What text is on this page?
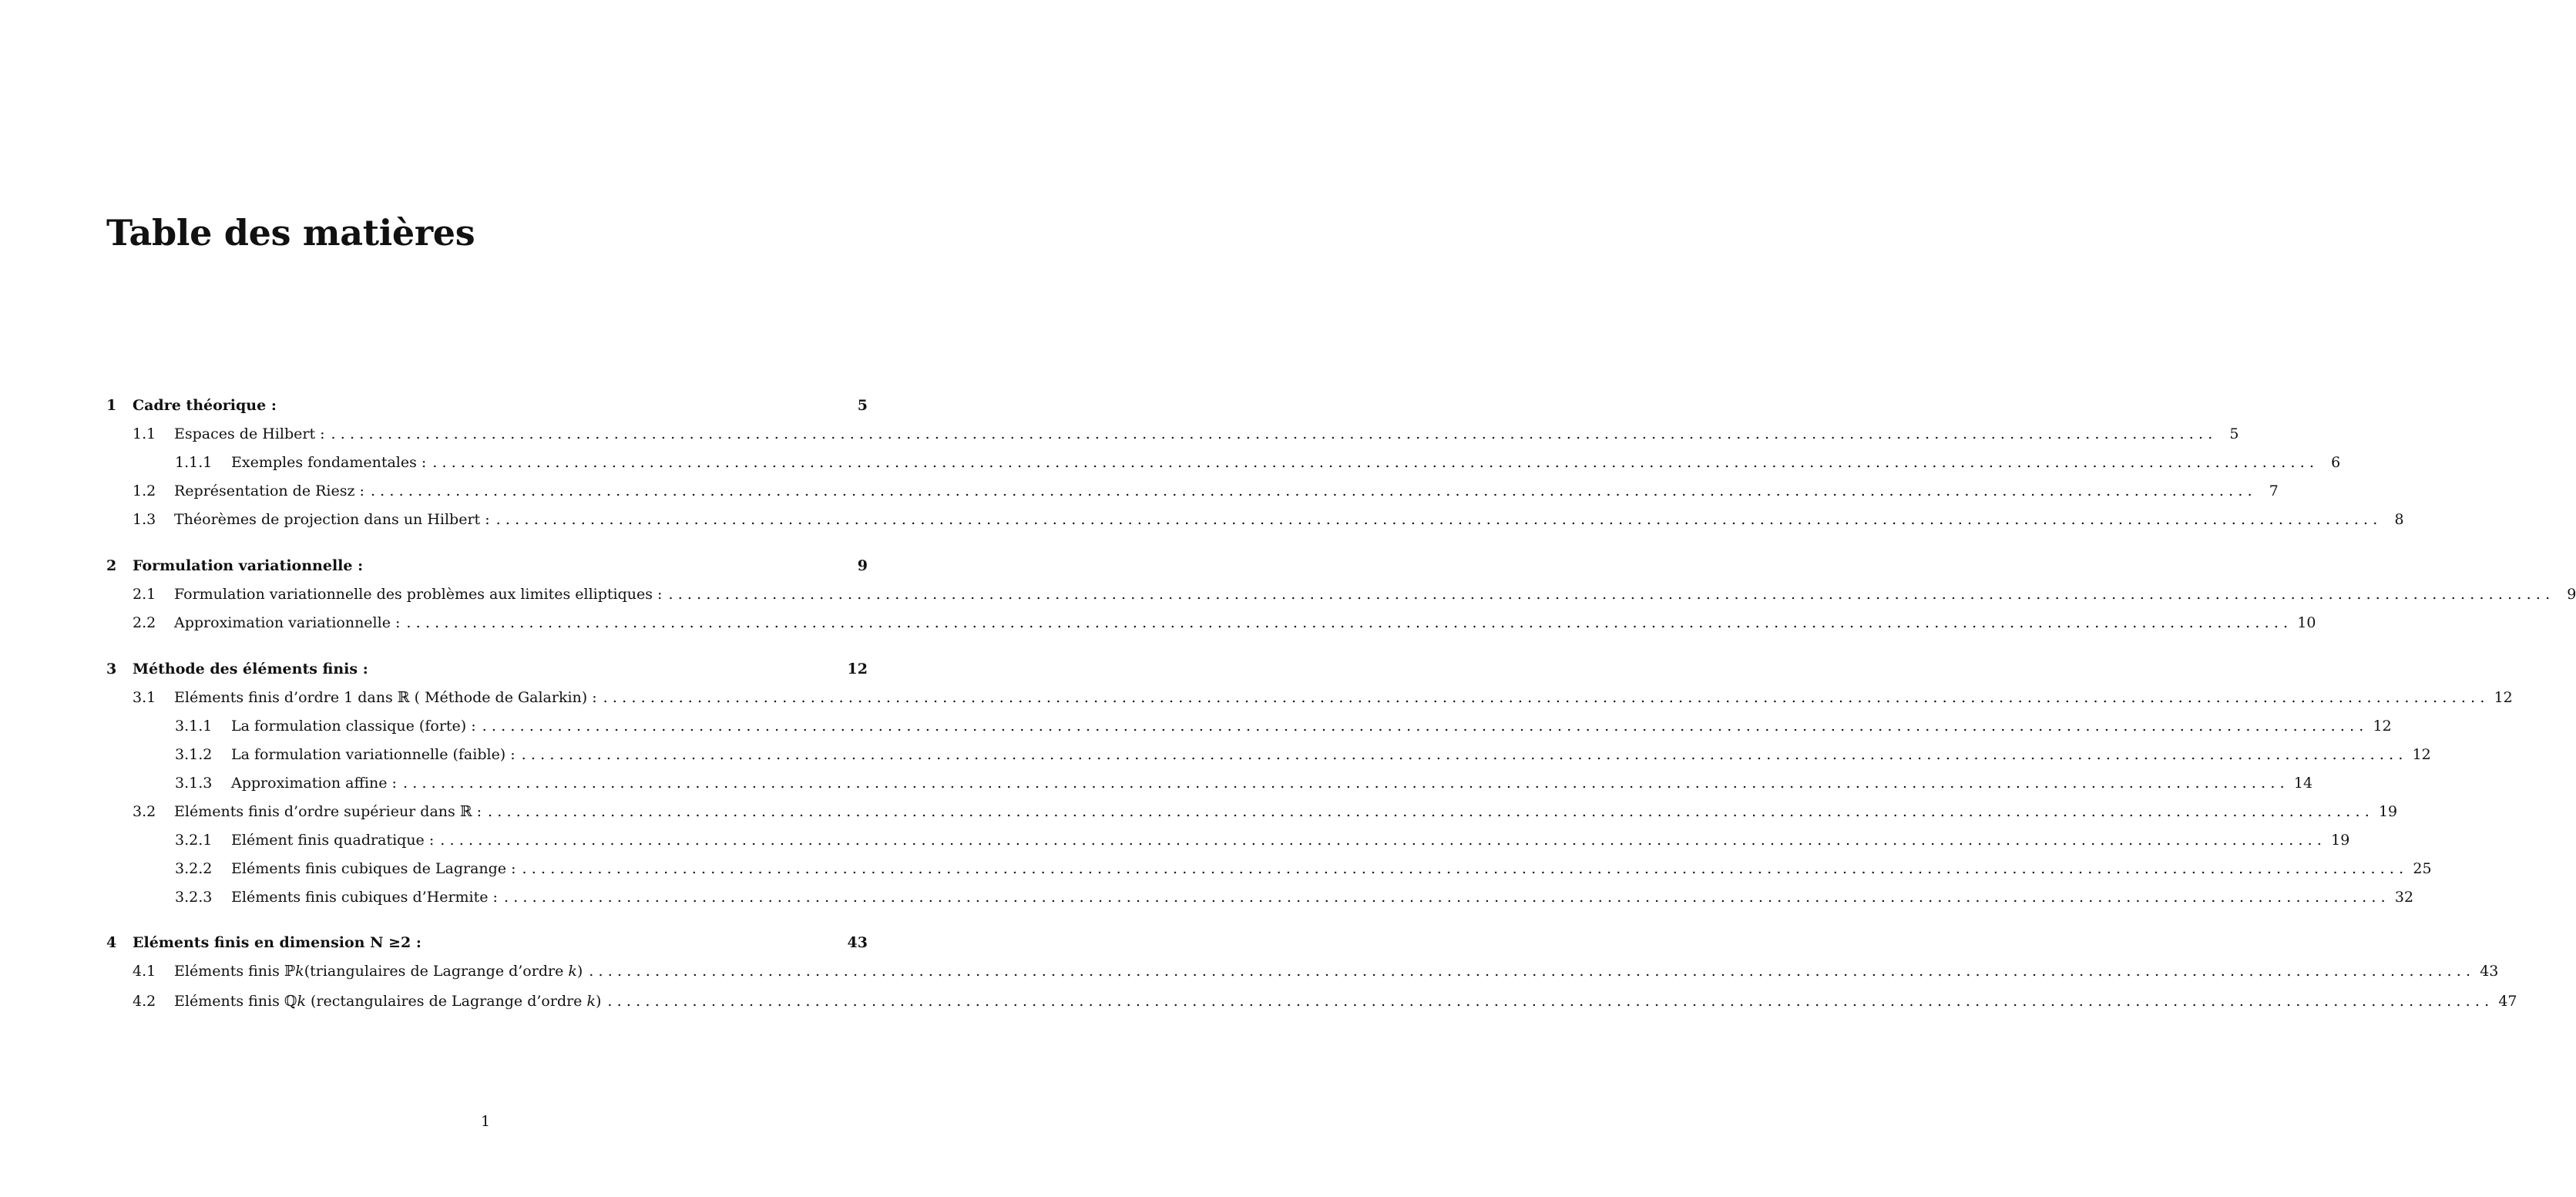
Table des matières
1	Cadre théorique :	5
1.1	Espaces de Hilbert : ........................................................................................................................................................................................................ 5
1.1.1	Exemples fondamentales : ........................................................................................................................................................................................................ 6
1.2	Représentation de Riesz : ........................................................................................................................................................................................................ 7
1.3	Théorèmes de projection dans un Hilbert : ........................................................................................................................................................................................................ 8
2	Formulation variationnelle :	9
2.1	Formulation variationnelle des problèmes aux limites elliptiques : ........................................................................................................................................................................................................ 9
2.2	Approximation variationnelle : ........................................................................................................................................................................................................ 10
3	Méthode des éléments finis :	12
3.1	Eléments finis d’ordre 1 dans ℝ ( Méthode de Galarkin) : ........................................................................................................................................................................................................ 12
3.1.1	La formulation classique (forte) : ........................................................................................................................................................................................................ 12
3.1.2	La formulation variationnelle (faible) : ........................................................................................................................................................................................................ 12
3.1.3	Approximation affine : ........................................................................................................................................................................................................ 14
3.2	Eléments finis d’ordre supérieur dans ℝ : ........................................................................................................................................................................................................ 19
3.2.1	Elément finis quadratique : ........................................................................................................................................................................................................ 19
3.2.2	Eléments finis cubiques de Lagrange : ........................................................................................................................................................................................................ 25
3.2.3	Eléments finis cubiques d’Hermite : ........................................................................................................................................................................................................ 32
4	Eléments finis en dimension N ≥2 :	43
4.1	Eléments finis ℙ𝑘(triangulaires de Lagrange d’ordre 𝑘) ........................................................................................................................................................................................................ 43
4.2	Eléments finis ℚ𝑘 (rectangulaires de Lagrange d’ordre 𝑘) ........................................................................................................................................................................................................ 47
1
